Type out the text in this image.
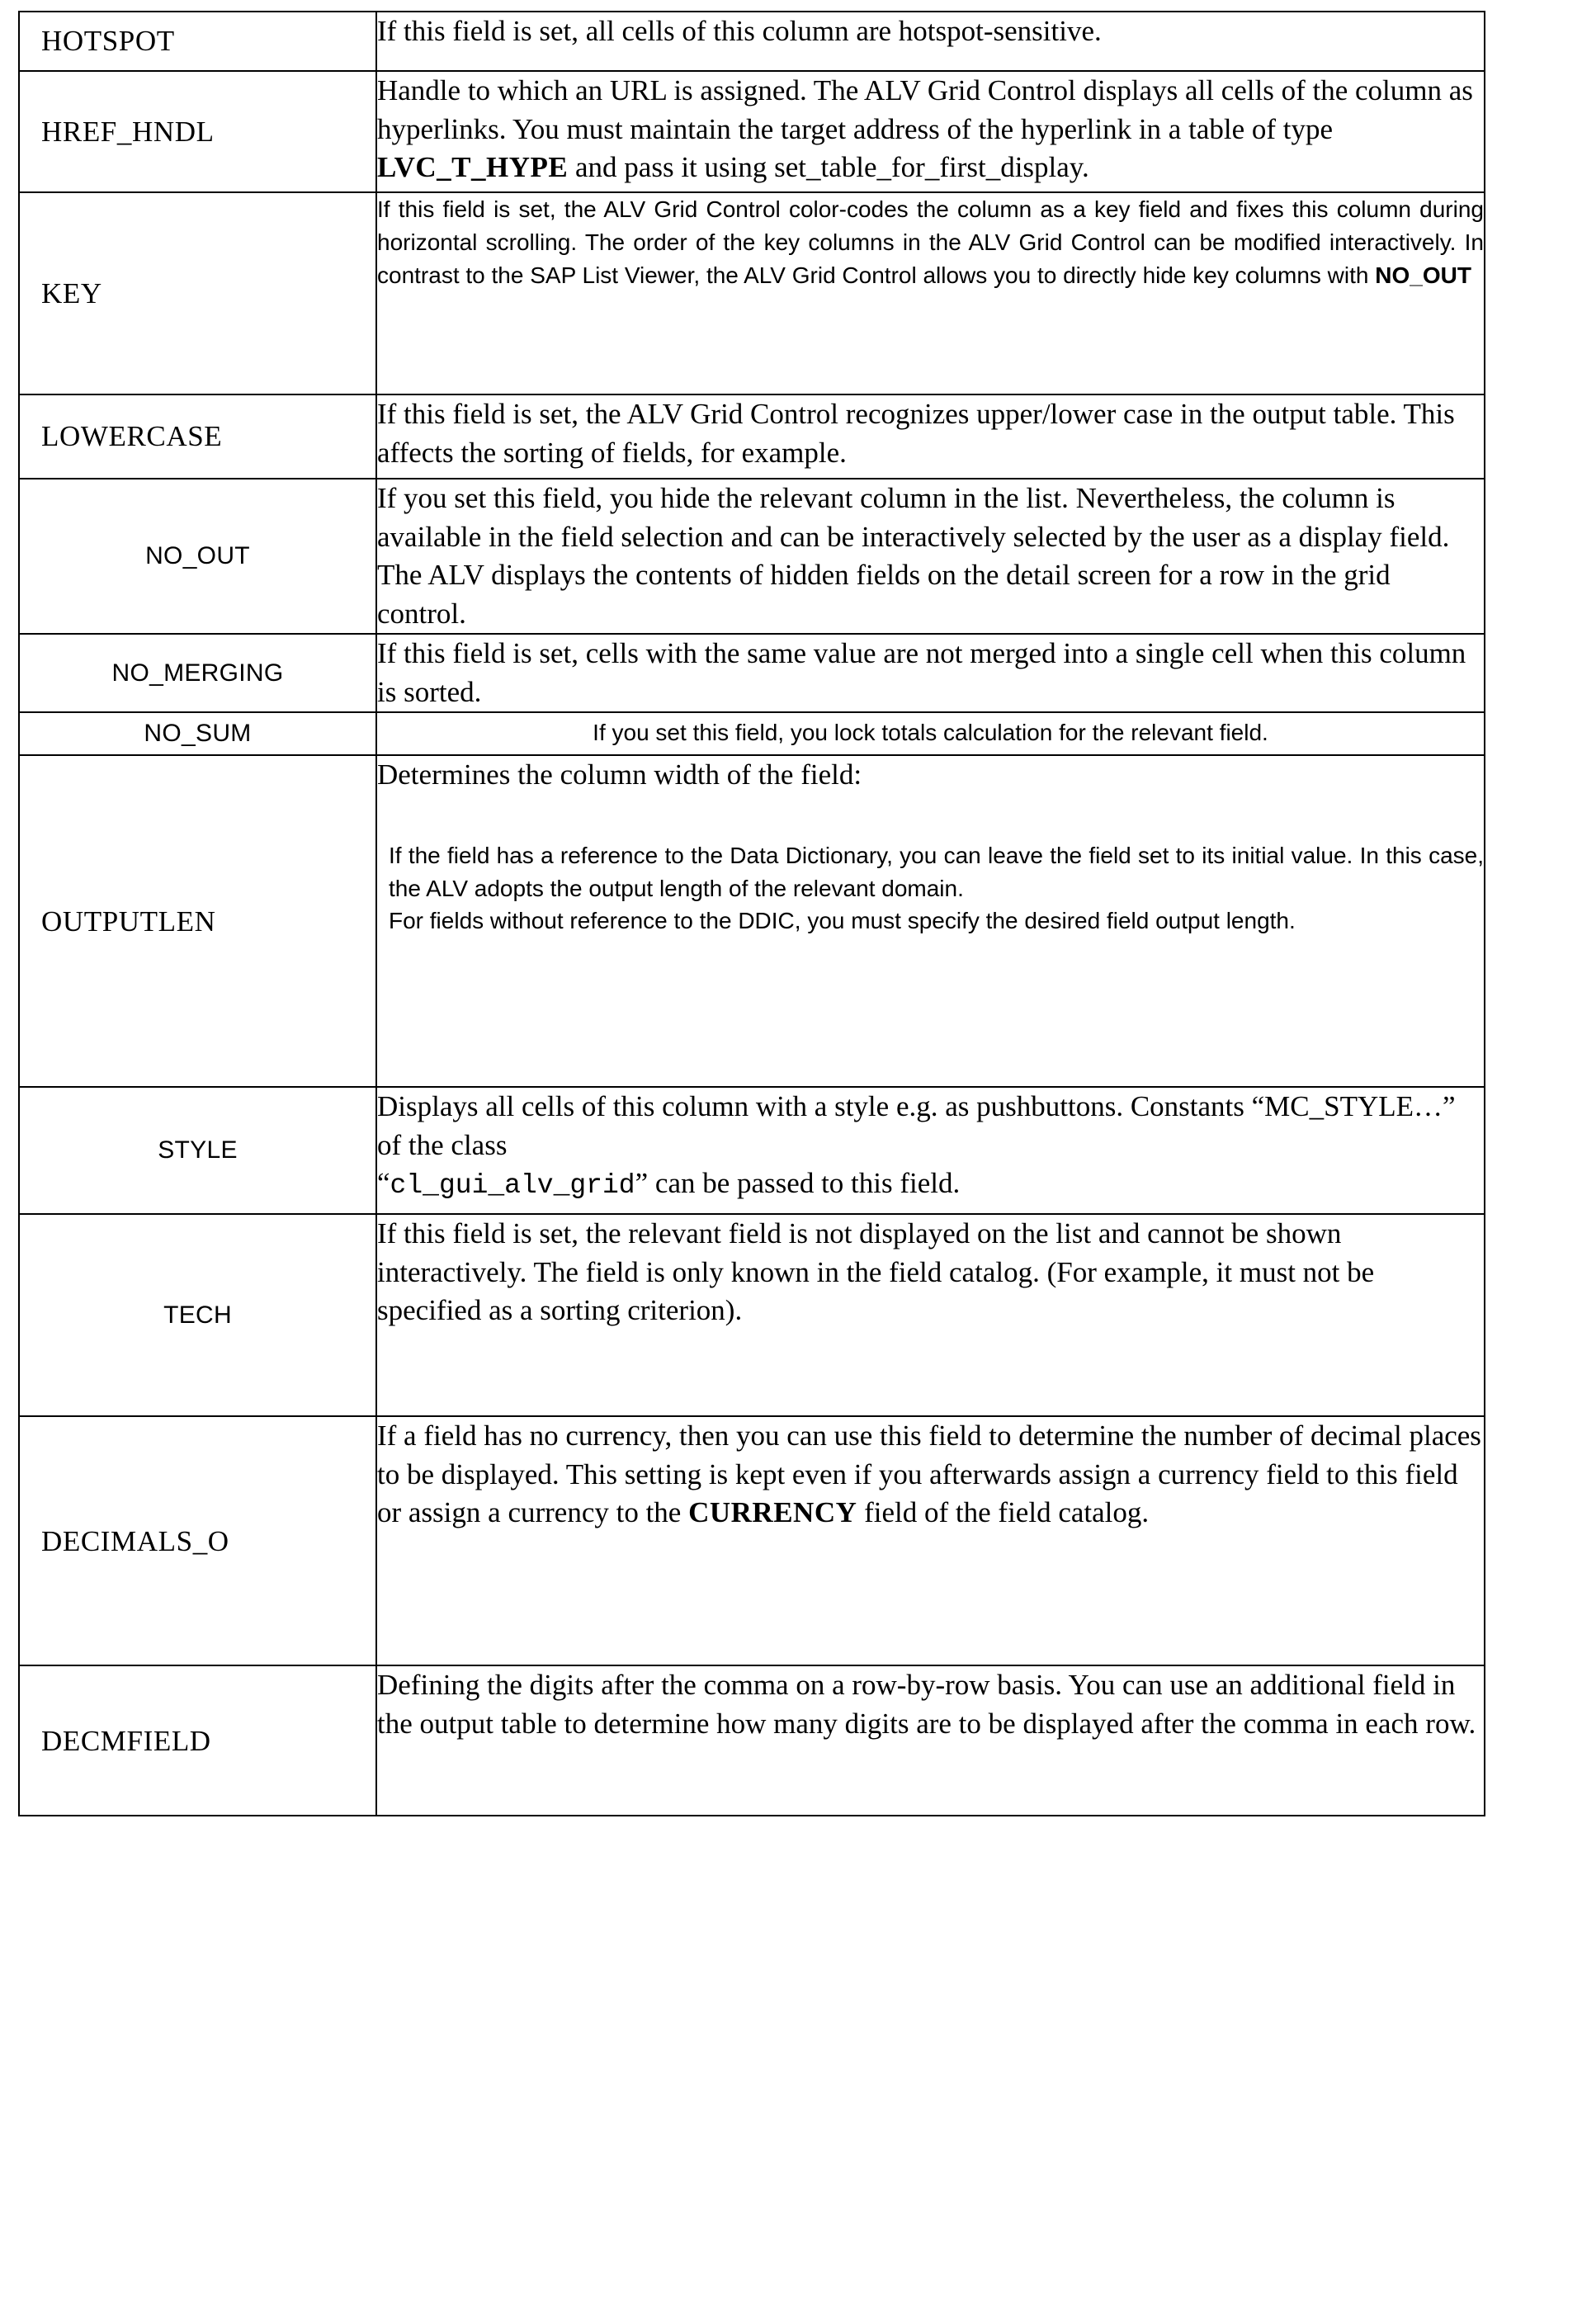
HOTSPOT	If this field is set, all cells of this column are hotspot-sensitive.

HREF_HNDL	Handle to which an URL is assigned. The ALV Grid Control displays all cells of the column as hyperlinks. You must maintain the target address of the hyperlink in a table of type LVC_T_HYPE and pass it using set_table_for_first_display.

KEY	If this field is set, the ALV Grid Control color-codes the column as a key field and fixes this column during horizontal scrolling. The order of the key columns in the ALV Grid Control can be modified interactively. In contrast to the SAP List Viewer, the ALV Grid Control allows you to directly hide key columns with NO_OUT

LOWERCASE	If this field is set, the ALV Grid Control recognizes upper/lower case in the output table. This affects the sorting of fields, for example.

NO_OUT	If you set this field, you hide the relevant column in the list. Nevertheless, the column is available in the field selection and can be interactively selected by the user as a display field. The ALV displays the contents of hidden fields on the detail screen for a row in the grid control.

NO_MERGING	If this field is set, cells with the same value are not merged into a single cell when this column is sorted.

NO_SUM	If you set this field, you lock totals calculation for the relevant field.

OUTPUTLEN	Determines the column width of the field:

If the field has a reference to the Data Dictionary, you can leave the field set to its initial value. In this case, the ALV adopts the output length of the relevant domain.

For fields without reference to the DDIC, you must specify the desired field output length.

STYLE	Displays all cells of this column with a style e.g. as pushbuttons. Constants “MC_STYLE…” of the class

“cl_gui_alv_grid” can be passed to this field.

TECH	If this field is set, the relevant field is not displayed on the list and cannot be shown interactively. The field is only known in the field catalog. (For example, it must not be specified as a sorting criterion).

DECIMALS_O	If a field has no currency, then you can use this field to determine the number of decimal places to be displayed. This setting is kept even if you afterwards assign a currency field to this field or assign a currency to the CURRENCY field of the field catalog.

DECMFIELD	Defining the digits after the comma on a row-by-row basis. You can use an additional field in the output table to determine how many digits are to be displayed after the comma in each row.
